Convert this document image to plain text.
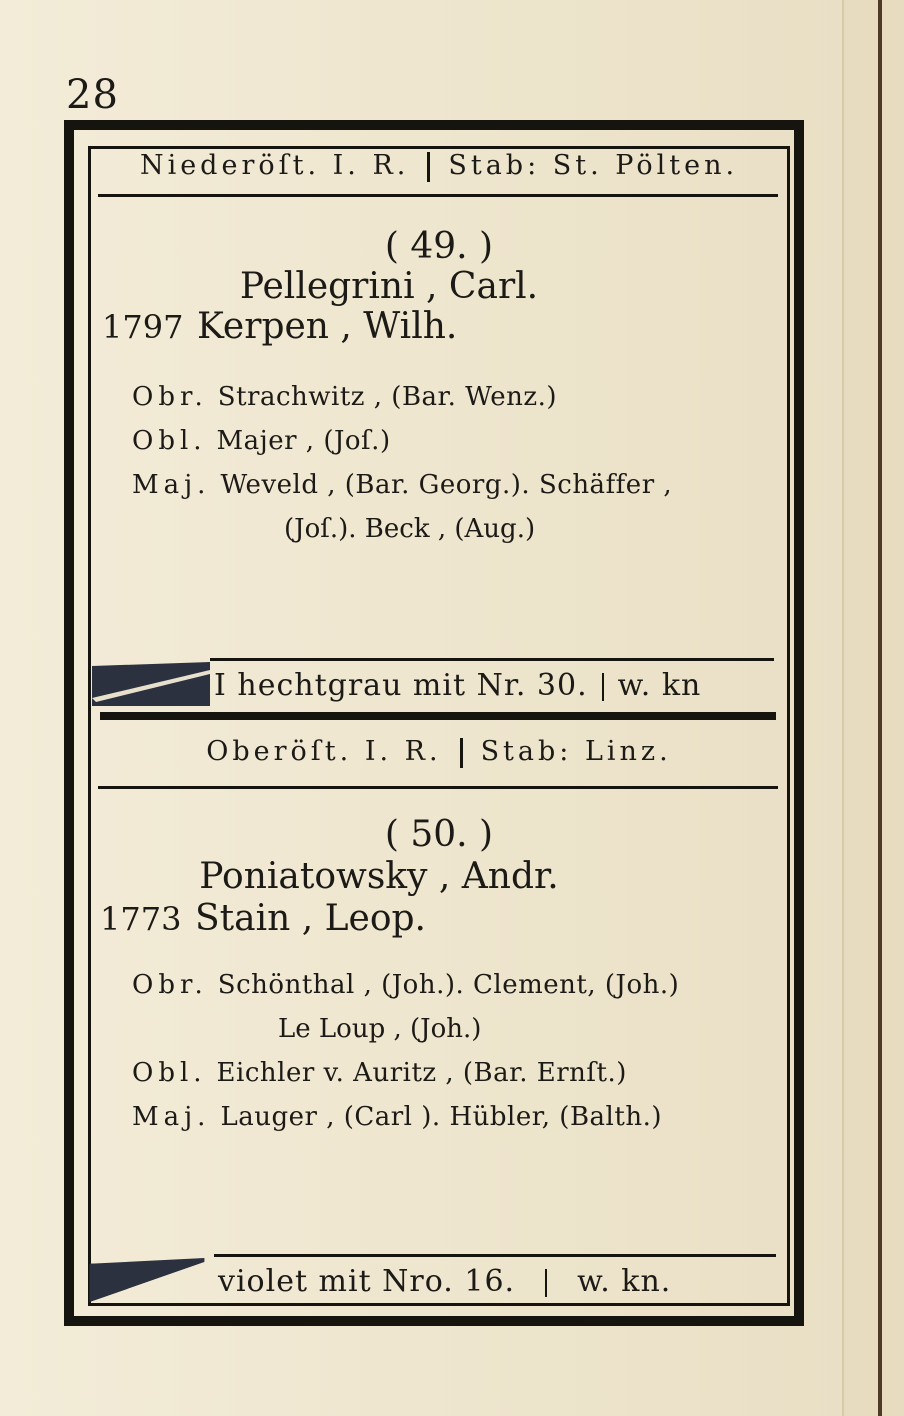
28
Niederöſt. I. R. Stab: St. Pölten.
( 49. )
Pellegrini , Carl.
1797 Kerpen , Wilh.
Obr. Strachwitz , (Bar. Wenz.)
Obl. Majer , (Joſ.)
Maj. Weveld , (Bar. Georg.). Schäffer ,
(Joſ.). Beck , (Aug.)
I hechtgrau mit Nr. 30. w. kn
Oberöſt. I. R. Stab: Linz.
( 50. )
Poniatowsky , Andr.
1773 Stain , Leop.
Obr. Schönthal , (Joh.). Clement, (Joh.)
Le Loup , (Joh.)
Obl. Eichler v. Auritz , (Bar. Ernſt.)
Maj. Lauger , (Carl ). Hübler, (Balth.)
violet mit Nro. 16. w. kn.
